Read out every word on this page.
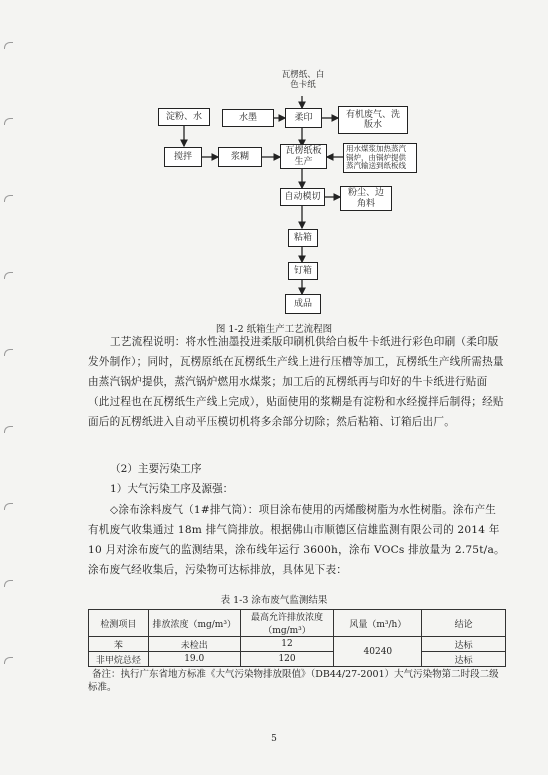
瓦楞纸、白
色卡纸
淀粉、水	水墨	柔印	有机废气、洗
版水
搅拌	浆糊
瓦楞纸板
生产
用水煤浆加热蒸汽
锅炉，由锅炉提供
蒸汽输送到纸板线
自动模切	粉尘、边
角料
粘箱
钉箱
成品
图 1-2 纸箱生产工艺流程图
工艺流程说明：将水性油墨投进柔版印刷机供给白板牛卡纸进行彩色印刷（柔印版发外制作）；同时，瓦楞原纸在瓦楞纸生产线上进行压槽等加工，瓦楞纸生产线所需热量由蒸汽锅炉提供，蒸汽锅炉燃用水煤浆；加工后的瓦楞纸再与印好的牛卡纸进行贴面（此过程也在瓦楞纸生产线上完成），贴面使用的浆糊是有淀粉和水经搅拌后制得；经贴面后的瓦楞纸进入自动平压模切机将多余部分切除；然后粘箱、订箱后出厂。
（2）主要污染工序
1）大气污染工序及源强：
◇涂布涂料废气（1#排气筒）：项目涂布使用的丙烯酸树脂为水性树脂。涂布产生有机废气收集通过 18m 排气筒排放。根据佛山市顺德区信雄监测有限公司的 2014 年 10 月对涂布废气的监测结果，涂布线年运行 3600h，涂布 VOCs 排放量为 2.75t/a。涂布废气经收集后，污染物可达标排放，具体见下表：
表 1-3 涂布废气监测结果
检测项目	排放浓度（mg/m³）	最高允许排放浓度（mg/m³）	风量（m³/h）	结论
苯	未检出	12	40240	达标
非甲烷总烃	19.0	120		达标
备注：执行广东省地方标准《大气污染物排放限值》（DB44/27-2001）大气污染物第二时段二级标准。
5
